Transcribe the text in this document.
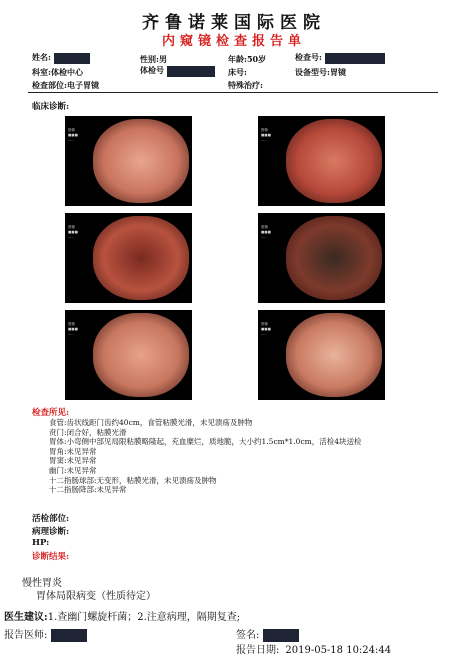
齐鲁诺莱国际医院
内窥镜检查报告单
姓名:	性别:男	年龄:50岁	检查号:
科室:体检中心	体检号	床号:	设备型号:胃镜
检查部位:电子胃镜	特殊治疗:
临床诊断:
图像
■■■
.....
图像
■■■
.....
图像
■■■
.....
图像
■■■
.....
图像
■■■
.....
图像
■■■
.....
检查所见:
食管:齿状线距门齿约40cm，食管粘膜光滑，未见溃疡及肿物
贲门:闭合好，粘膜光滑
胃体:小弯侧中部见局限粘膜略隆起，充血糜烂，质地脆，大小约1.5cm*1.0cm，活检4块送检
胃角:未见异常
胃窦:未见异常
幽门:未见异常
十二指肠球部:无变形，粘膜光滑，未见溃疡及肿物
十二指肠降部:未见异常
活检部位:
病理诊断:
HP:
诊断结果:
慢性胃炎
胃体局限病变（性质待定）
医生建议:1.查幽门螺旋杆菌；2.注意病理，隔期复查;
报告医师:	签名:
报告日期: 2019-05-18 10:24:44
